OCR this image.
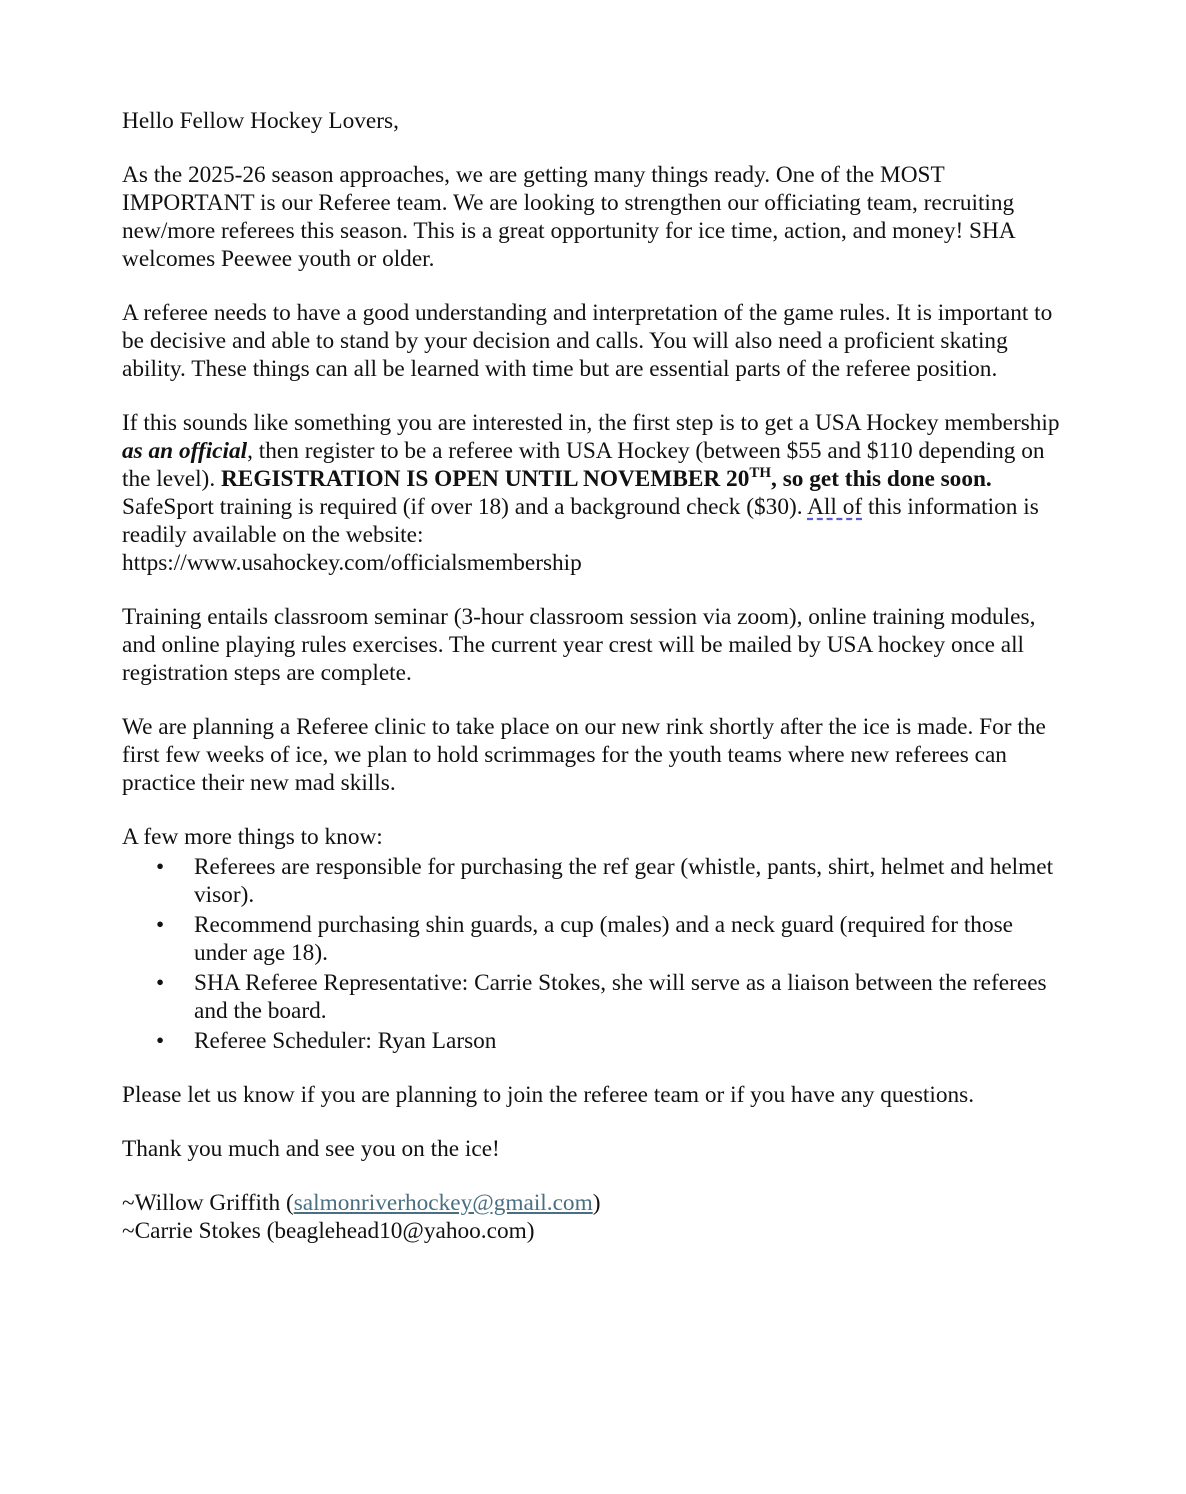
Hello Fellow Hockey Lovers,

As the 2025-26 season approaches, we are getting many things ready. One of the MOST IMPORTANT is our Referee team. We are looking to strengthen our officiating team, recruiting new/more referees this season. This is a great opportunity for ice time, action, and money! SHA welcomes Peewee youth or older.

A referee needs to have a good understanding and interpretation of the game rules. It is important to be decisive and able to stand by your decision and calls. You will also need a proficient skating ability. These things can all be learned with time but are essential parts of the referee position.

If this sounds like something you are interested in, the first step is to get a USA Hockey membership as an official, then register to be a referee with USA Hockey (between $55 and $110 depending on the level). REGISTRATION IS OPEN UNTIL NOVEMBER 20TH, so get this done soon. SafeSport training is required (if over 18) and a background check ($30). All of this information is readily available on the website:
https://www.usahockey.com/officialsmembership

Training entails classroom seminar (3-hour classroom session via zoom), online training modules, and online playing rules exercises. The current year crest will be mailed by USA hockey once all registration steps are complete.

We are planning a Referee clinic to take place on our new rink shortly after the ice is made. For the first few weeks of ice, we plan to hold scrimmages for the youth teams where new referees can practice their new mad skills.

A few more things to know:

• Referees are responsible for purchasing the ref gear (whistle, pants, shirt, helmet and helmet visor).
• Recommend purchasing shin guards, a cup (males) and a neck guard (required for those under age 18).
• SHA Referee Representative: Carrie Stokes, she will serve as a liaison between the referees and the board.
• Referee Scheduler: Ryan Larson

Please let us know if you are planning to join the referee team or if you have any questions.

Thank you much and see you on the ice!

~Willow Griffith (salmonriverhockey@gmail.com)

~Carrie Stokes (beaglehead10@yahoo.com)
